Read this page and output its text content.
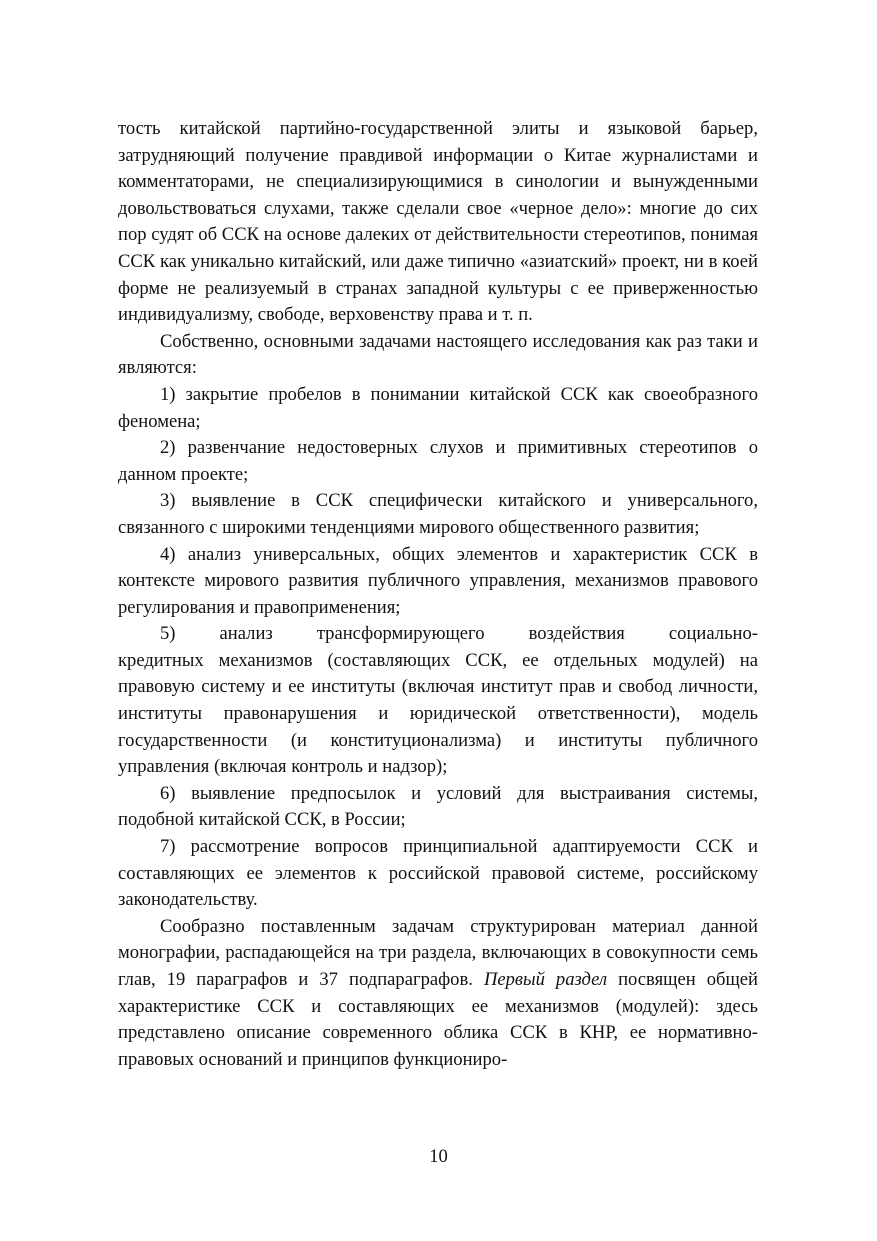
тость китайской партийно-государственной элиты и языковой барьер, затрудняющий получение правдивой информации о Китае журналистами и комментаторами, не специализирующимися в синологии и вынужденными довольствоваться слухами, также сделали свое «черное дело»: многие до сих пор судят об ССК на основе далеких от действительности стереотипов, понимая ССК как уникально китайский, или даже типично «азиатский» проект, ни в коей форме не реализуемый в странах западной культуры с ее приверженностью индивидуализму, свободе, верховенству права и т. п.

Собственно, основными задачами настоящего исследования как раз таки и являются:

1) закрытие пробелов в понимании китайской ССК как своеобразного феномена;

2) развенчание недостоверных слухов и примитивных стереотипов о данном проекте;

3) выявление в ССК специфически китайского и универсального, связанного с широкими тенденциями мирового общественного развития;

4) анализ универсальных, общих элементов и характеристик ССК в контексте мирового развития публичного управления, механизмов правового регулирования и правоприменения;

5) анализ трансформирующего воздействия социально-
кредитных механизмов (составляющих ССК, ее отдельных модулей) на правовую систему и ее институты (включая институт прав и свобод личности, институты правонарушения и юридической ответственности), модель государственности (и конституционализма) и институты публичного управления (включая контроль и надзор);

6) выявление предпосылок и условий для выстраивания системы, подобной китайской ССК, в России;

7) рассмотрение вопросов принципиальной адаптируемости ССК и составляющих ее элементов к российской правовой системе, российскому законодательству.

Сообразно поставленным задачам структурирован материал данной монографии, распадающейся на три раздела, включающих в совокупности семь глав, 19 параграфов и 37 подпараграфов. Первый раздел посвящен общей характеристике ССК и составляющих ее механизмов (модулей): здесь представлено описание современного облика ССК в КНР, ее нормативно-правовых оснований и принципов функциониро-

10
